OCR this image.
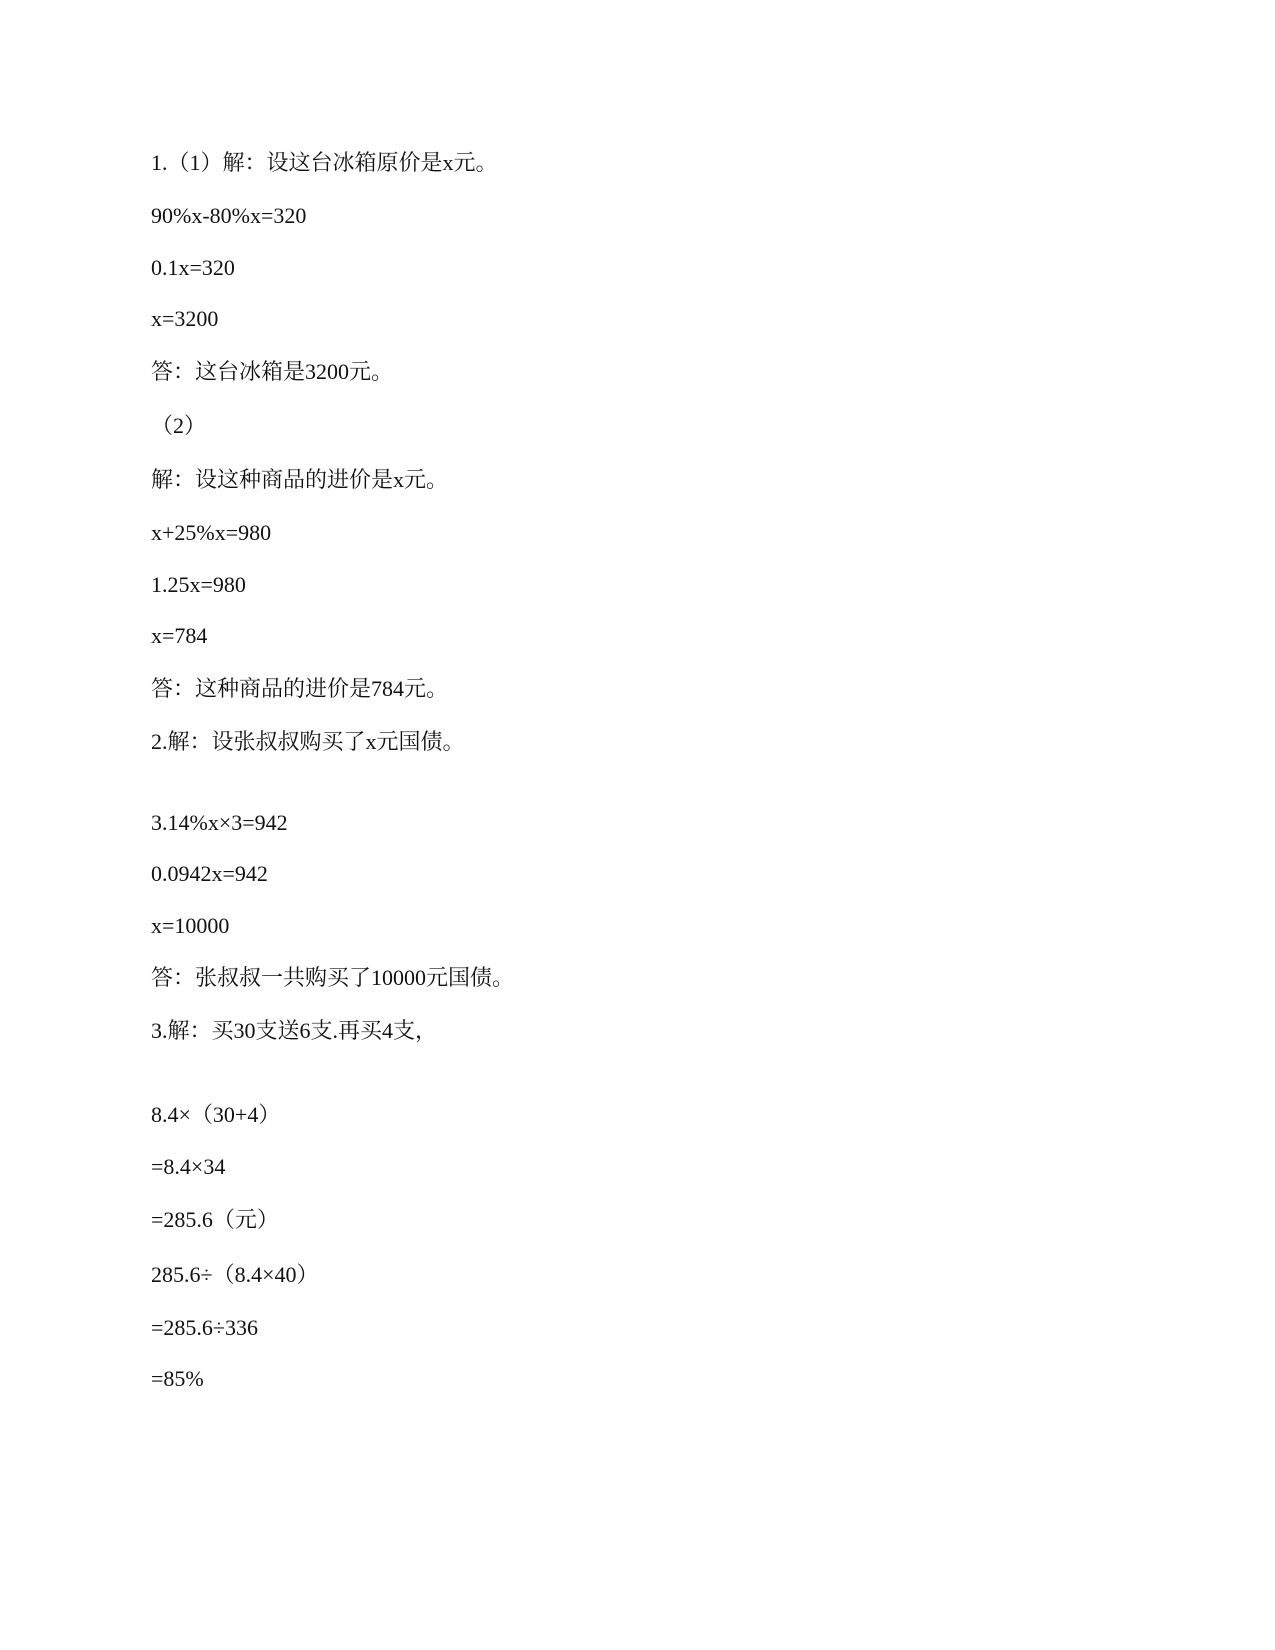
1.（1）解：设这台冰箱原价是x元。
90%x-80%x=320
0.1x=320
x=3200
答：这台冰箱是3200元。
（2）
解：设这种商品的进价是x元。
x+25%x=980
1.25x=980
x=784
答：这种商品的进价是784元。
2.解：设张叔叔购买了x元国债。
3.14%x×3=942
0.0942x=942
x=10000
答：张叔叔一共购买了10000元国债。
3.解：买30支送6支.再买4支，
8.4×（30+4）
=8.4×34
=285.6（元）
285.6÷（8.4×40）
=285.6÷336
=85%
